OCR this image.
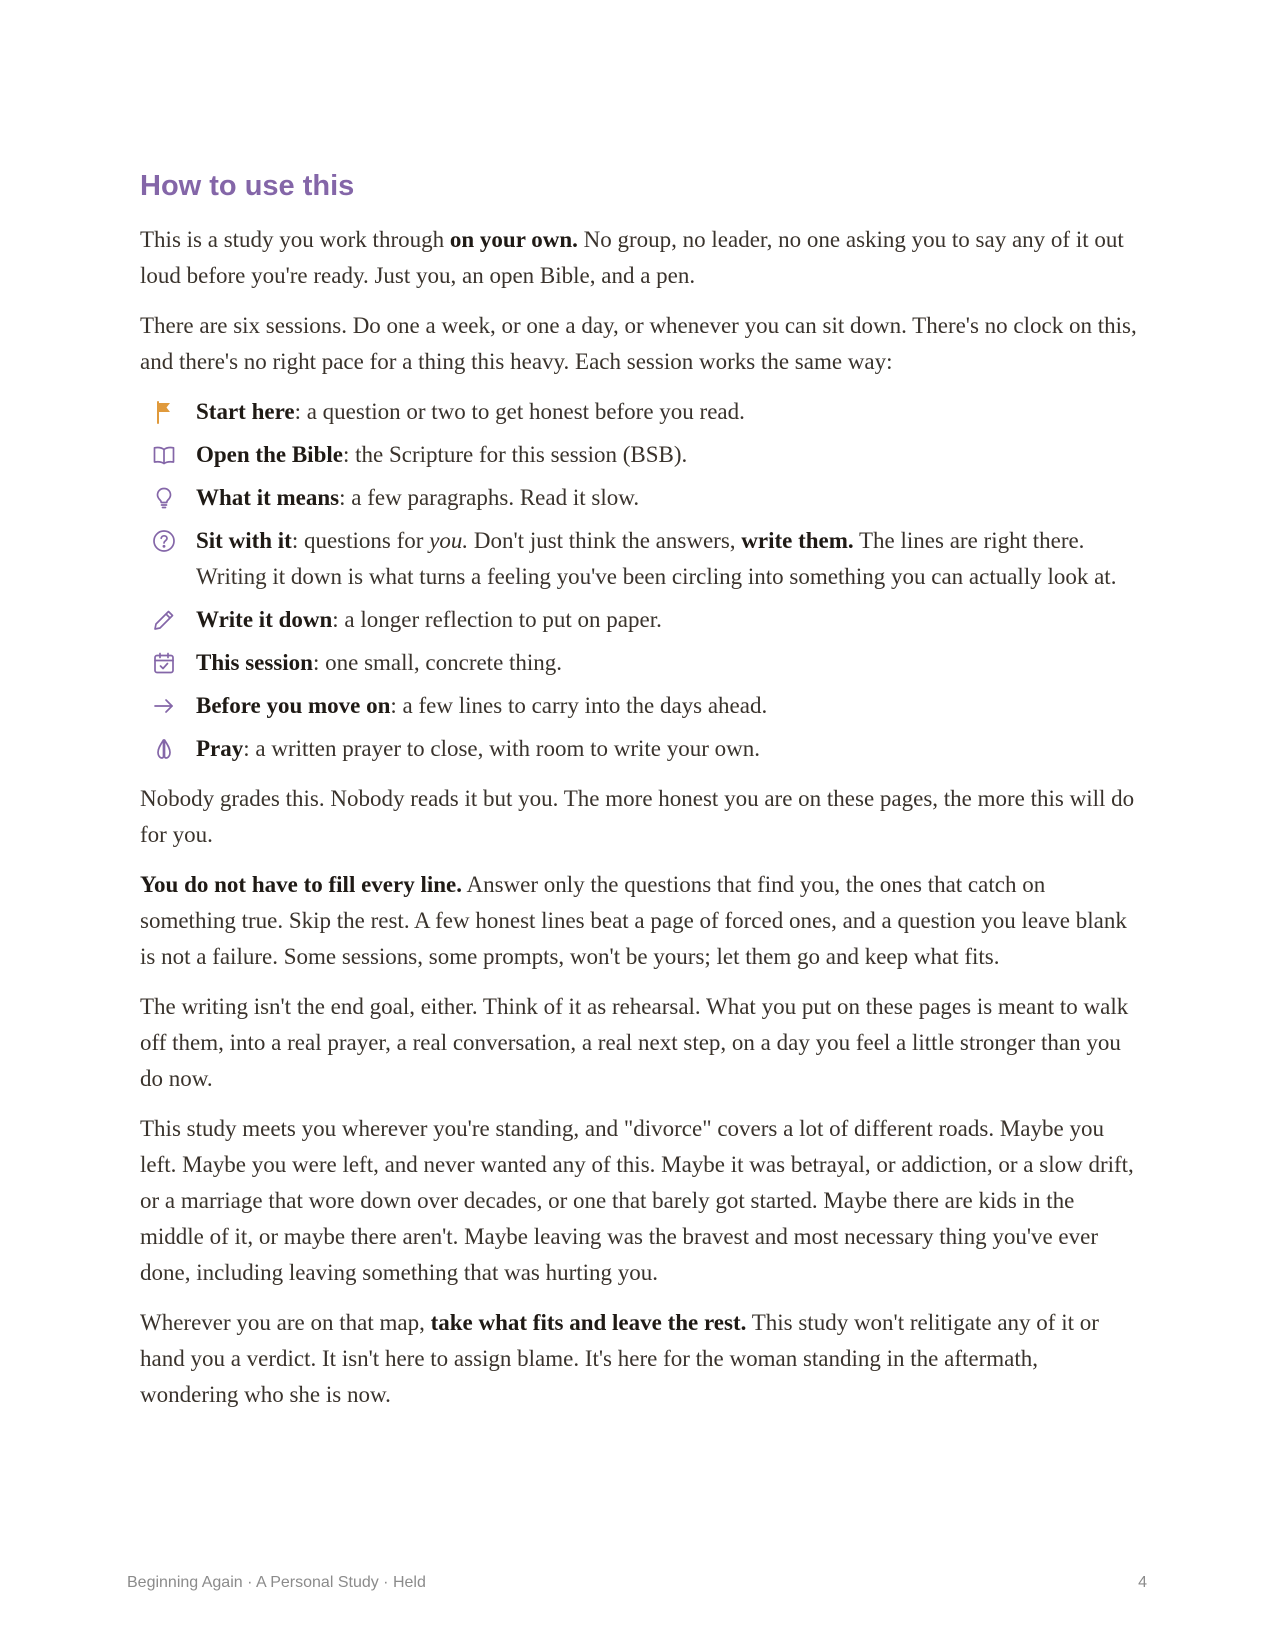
How to use this

This is a study you work through on your own. No group, no leader, no one asking you to say any of it out loud before you're ready. Just you, an open Bible, and a pen.

There are six sessions. Do one a week, or one a day, or whenever you can sit down. There's no clock on this, and there's no right pace for a thing this heavy. Each session works the same way:

Start here: a question or two to get honest before you read.
Open the Bible: the Scripture for this session (BSB).
What it means: a few paragraphs. Read it slow.
Sit with it: questions for you. Don't just think the answers, write them. The lines are right there. Writing it down is what turns a feeling you've been circling into something you can actually look at.
Write it down: a longer reflection to put on paper.
This session: one small, concrete thing.
Before you move on: a few lines to carry into the days ahead.
Pray: a written prayer to close, with room to write your own.

Nobody grades this. Nobody reads it but you. The more honest you are on these pages, the more this will do for you.

You do not have to fill every line. Answer only the questions that find you, the ones that catch on something true. Skip the rest. A few honest lines beat a page of forced ones, and a question you leave blank is not a failure. Some sessions, some prompts, won't be yours; let them go and keep what fits.

The writing isn't the end goal, either. Think of it as rehearsal. What you put on these pages is meant to walk off them, into a real prayer, a real conversation, a real next step, on a day you feel a little stronger than you do now.

This study meets you wherever you're standing, and "divorce" covers a lot of different roads. Maybe you left. Maybe you were left, and never wanted any of this. Maybe it was betrayal, or addiction, or a slow drift, or a marriage that wore down over decades, or one that barely got started. Maybe there are kids in the middle of it, or maybe there aren't. Maybe leaving was the bravest and most necessary thing you've ever done, including leaving something that was hurting you.

Wherever you are on that map, take what fits and leave the rest. This study won't relitigate any of it or hand you a verdict. It isn't here to assign blame. It's here for the woman standing in the aftermath, wondering who she is now.

Beginning Again · A Personal Study · Held	4
